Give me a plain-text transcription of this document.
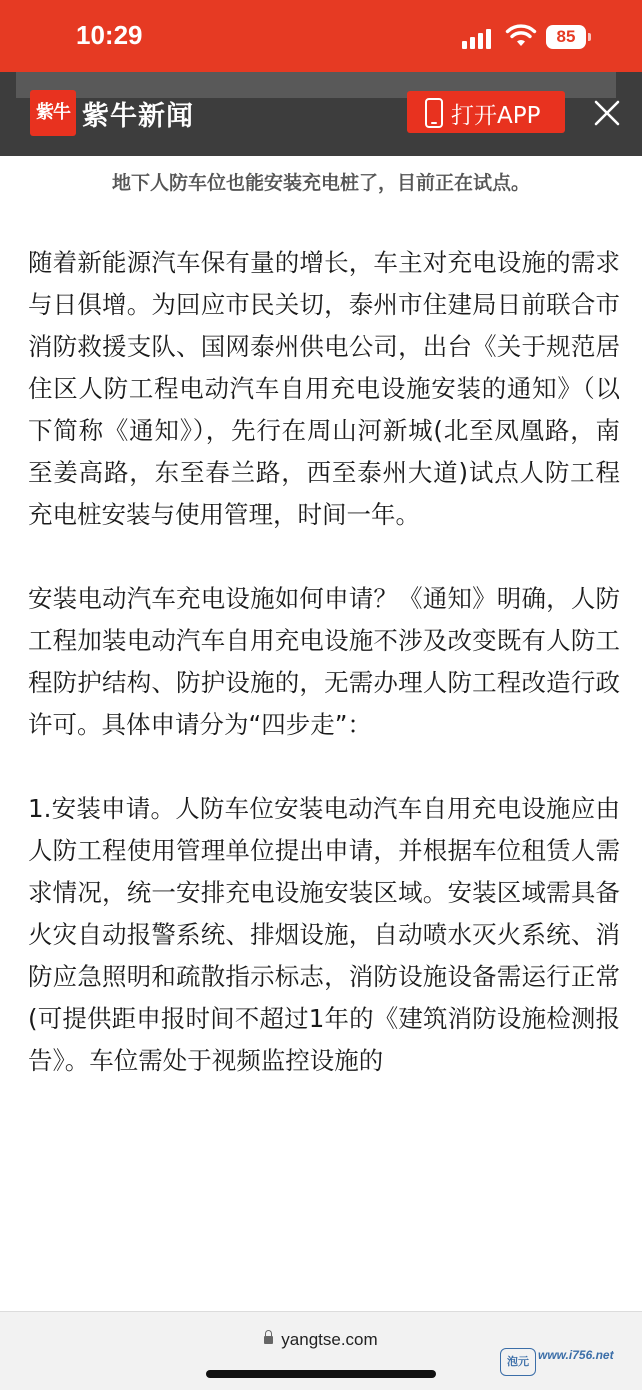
10:29	85
紫牛 紫牛新闻	打开APP
地下人防车位也能安装充电桩了，目前正在试点。

随着新能源汽车保有量的增长，车主对充电设施的需求与日俱增。为回应市民关切，泰州市住建局日前联合市消防救援支队、国网泰州供电公司，出台《关于规范居住区人防工程电动汽车自用充电设施安装的通知》（以下简称《通知》），先行在周山河新城(北至凤凰路，南至姜高路，东至春兰路，西至泰州大道)试点人防工程充电桩安装与使用管理，时间一年。

安装电动汽车充电设施如何申请？《通知》明确，人防工程加装电动汽车自用充电设施不涉及改变既有人防工程防护结构、防护设施的，无需办理人防工程改造行政许可。具体申请分为“四步走”：

1.安装申请。人防车位安装电动汽车自用充电设施应由人防工程使用管理单位提出申请，并根据车位租赁人需求情况，统一安排充电设施安装区域。安装区域需具备火灾自动报警系统、排烟设施，自动喷水灭火系统、消防应急照明和疏散指示标志，消防设施设备需运行正常(可提供距申报时间不超过1年的《建筑消防设施检测报告》。车位需处于视频监控设施的

yangtse.com
泡元 www.i756.net
